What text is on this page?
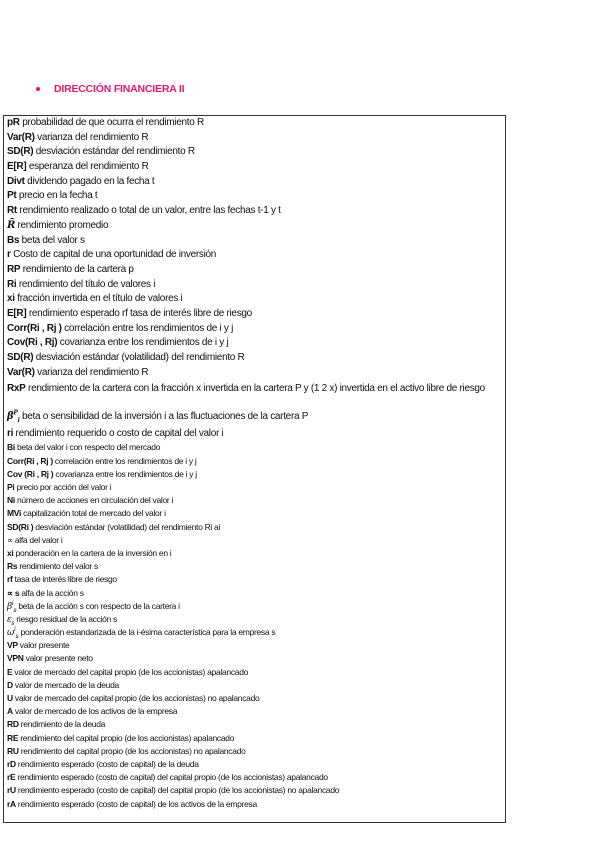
DIRECCIÓN FINANCIERA II
pR probabilidad de que ocurra el rendimiento R
Var(R) varianza del rendimiento R
SD(R) desviación estándar del rendimiento R
E[R] esperanza del rendimiento R
Divt dividendo pagado en la fecha t
Pt precio en la fecha t
Rt rendimiento realizado o total de un valor, entre las fechas t-1 y t
R̄ rendimiento promedio
Bs beta del valor s
r Costo de capital de una oportunidad de inversión
RP rendimiento de la cartera p
Ri rendimiento del título de valores i
xi fracción invertida en el título de valores i
E[R] rendimiento esperado rf tasa de interés libre de riesgo
Corr(Ri , Rj ) correlación entre los rendimientos de i y j
Cov(Ri , Rj) covarianza entre los rendimientos de i y j
SD(R) desviación estándar (volatilidad) del rendimiento R
Var(R) varianza del rendimiento R
RxP rendimiento de la cartera con la fracción x invertida en la cartera P y (1 2 x) invertida en el activo libre de riesgo
$\beta^P_i$ beta o sensibilidad de la inversión i a las fluctuaciones de la cartera P
ri rendimiento requerido o costo de capital del valor i
Bi beta del valor i con respecto del mercado
Corr(Ri , Rj ) correlación entre los rendimientos de i y j
Cov (Ri , Rj ) covarianza entre los rendimientos de i y j
Pi precio por acción del valor i
Ni número de acciones en circulación del valor i
MVi capitalización total de mercado del valor i
SD(Ri ) desviación estándar (volatilidad) del rendimiento Ri ai
∝ alfa del valor i
xi ponderación en la cartera de la inversión en i
Rs rendimiento del valor s
rf tasa de interés libre de riesgo
∝ s alfa de la acción s
$\beta^i_s$ beta de la acción s con respecto de la cartera i
$\varepsilon_s$ riesgo residual de la acción s
$\omega^i_s$ ponderación estandarizada de la i-ésima característica para la empresa s
VP valor presente
VPN valor presente neto
E valor de mercado del capital propio (de los accionistas) apalancado
D valor de mercado de la deuda
U valor de mercado del capital propio (de los accionistas) no apalancado
A valor de mercado de los activos de la empresa
RD rendimiento de la deuda
RE rendimiento del capital propio (de los accionistas) apalancado
RU rendimiento del capital propio (de los accionistas) no apalancado
rD rendimiento esperado (costo de capital) de la deuda
rE rendimiento esperado (costo de capital) del capital propio (de los accionistas) apalancado
rU rendimiento esperado (costo de capital) del capital propio (de los accionistas) no apalancado
rA rendimiento esperado (costo de capital) de los activos de la empresa
